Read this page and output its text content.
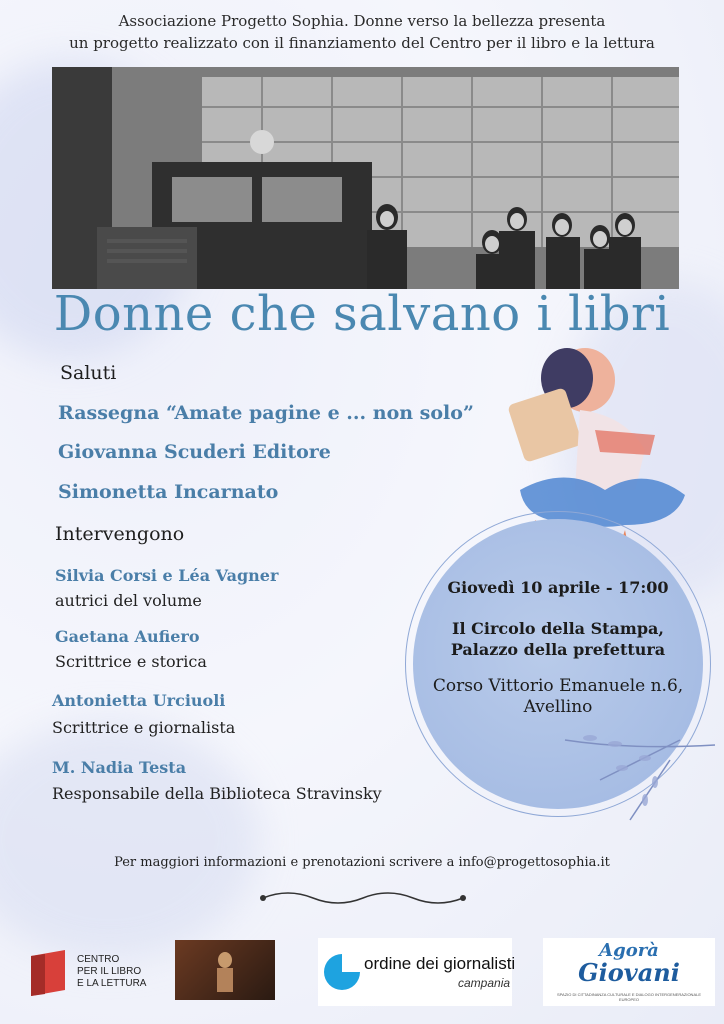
Associazione Progetto Sophia. Donne verso la bellezza presenta
un progetto realizzato con il finanziamento del Centro per il libro e la lettura
Donne che salvano i libri
Saluti
Rassegna “Amate pagine e ... non solo”
Giovanna Scuderi Editore
Simonetta Incarnato
Intervengono
Silvia Corsi e Léa Vagner
autrici del volume
Gaetana Aufiero
Scrittrice e storica
Antonietta Urciuoli
Scrittrice e giornalista
M. Nadia Testa
Responsabile della Biblioteca Stravinsky
Giovedì 10 aprile - 17:00
Il Circolo della Stampa,
Palazzo della prefettura
Corso Vittorio Emanuele n.6,
Avellino
Per maggiori informazioni e prenotazioni scrivere a info@progettosophia.it
CENTRO
PER IL LIBRO
E LA LETTURA
ordine dei giornalisti
campania
Agorà
Giovani
SPAZIO DI CITTADINANZA CULTURALE E DIALOGO INTERGENERAZIONALE EUROPEO
